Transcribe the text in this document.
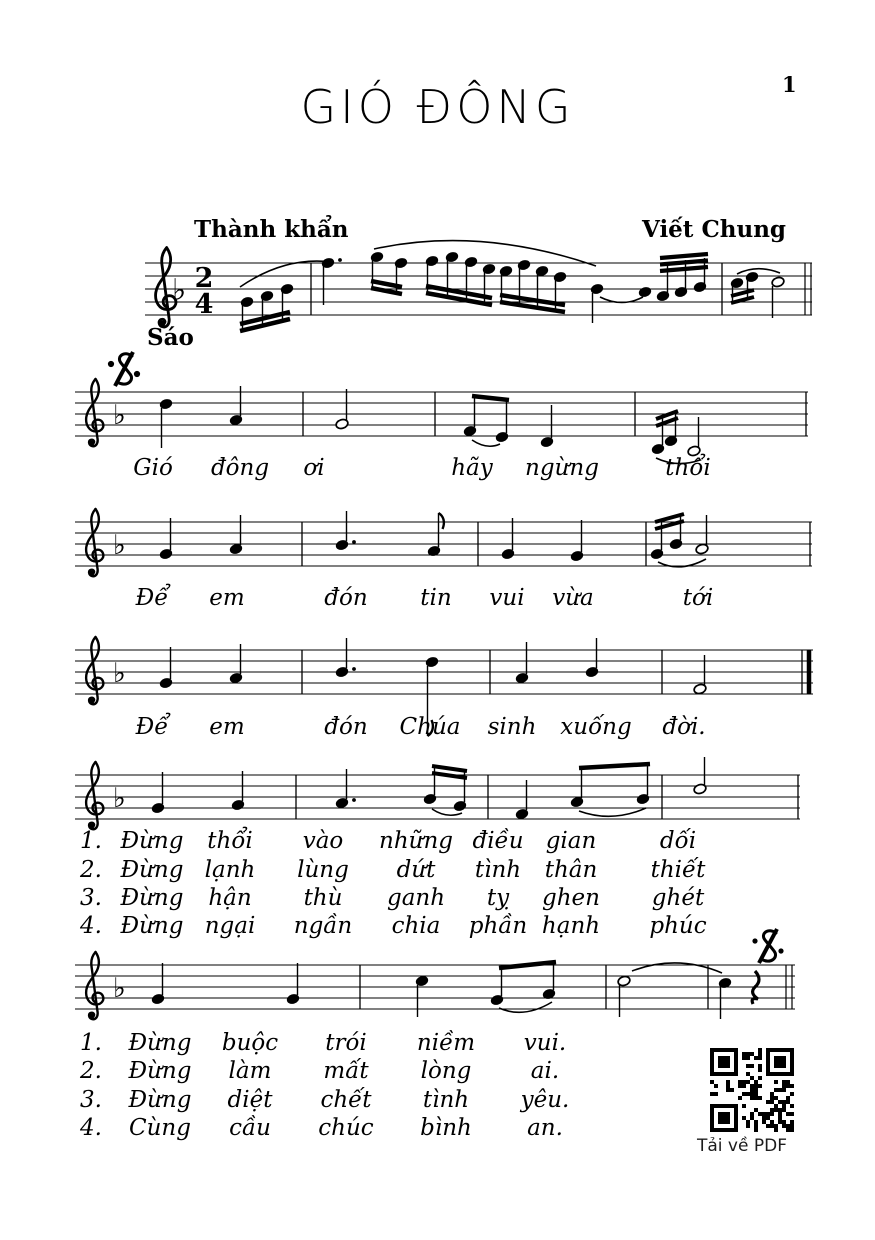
♭ 2
4
♭
♭
♭
♭
♭
GIÓ ĐÔNG	1
Thành khẩn	Viết Chung
Sáo
Gió đông ơi	hãy ngừng	thổi
Để em	đón tin vui vừa	tới
Để em	đón Chúa sinh xuống đời.
1. Đừng thổi vào những điều gian	dối
2. Đừng lạnh lùng dứt tình thân thiết
3. Đừng hận thù ganh tỵ ghen ghét
4. Đừng ngại ngần chia phần hạnh phúc
1. Đừng buộc trói niềm vui.
2. Đừng làm mất lòng	ai.
3. Đừng diệt chết tình yêu.
4. Cùng cầu chúc bình an.
Tải về PDF
